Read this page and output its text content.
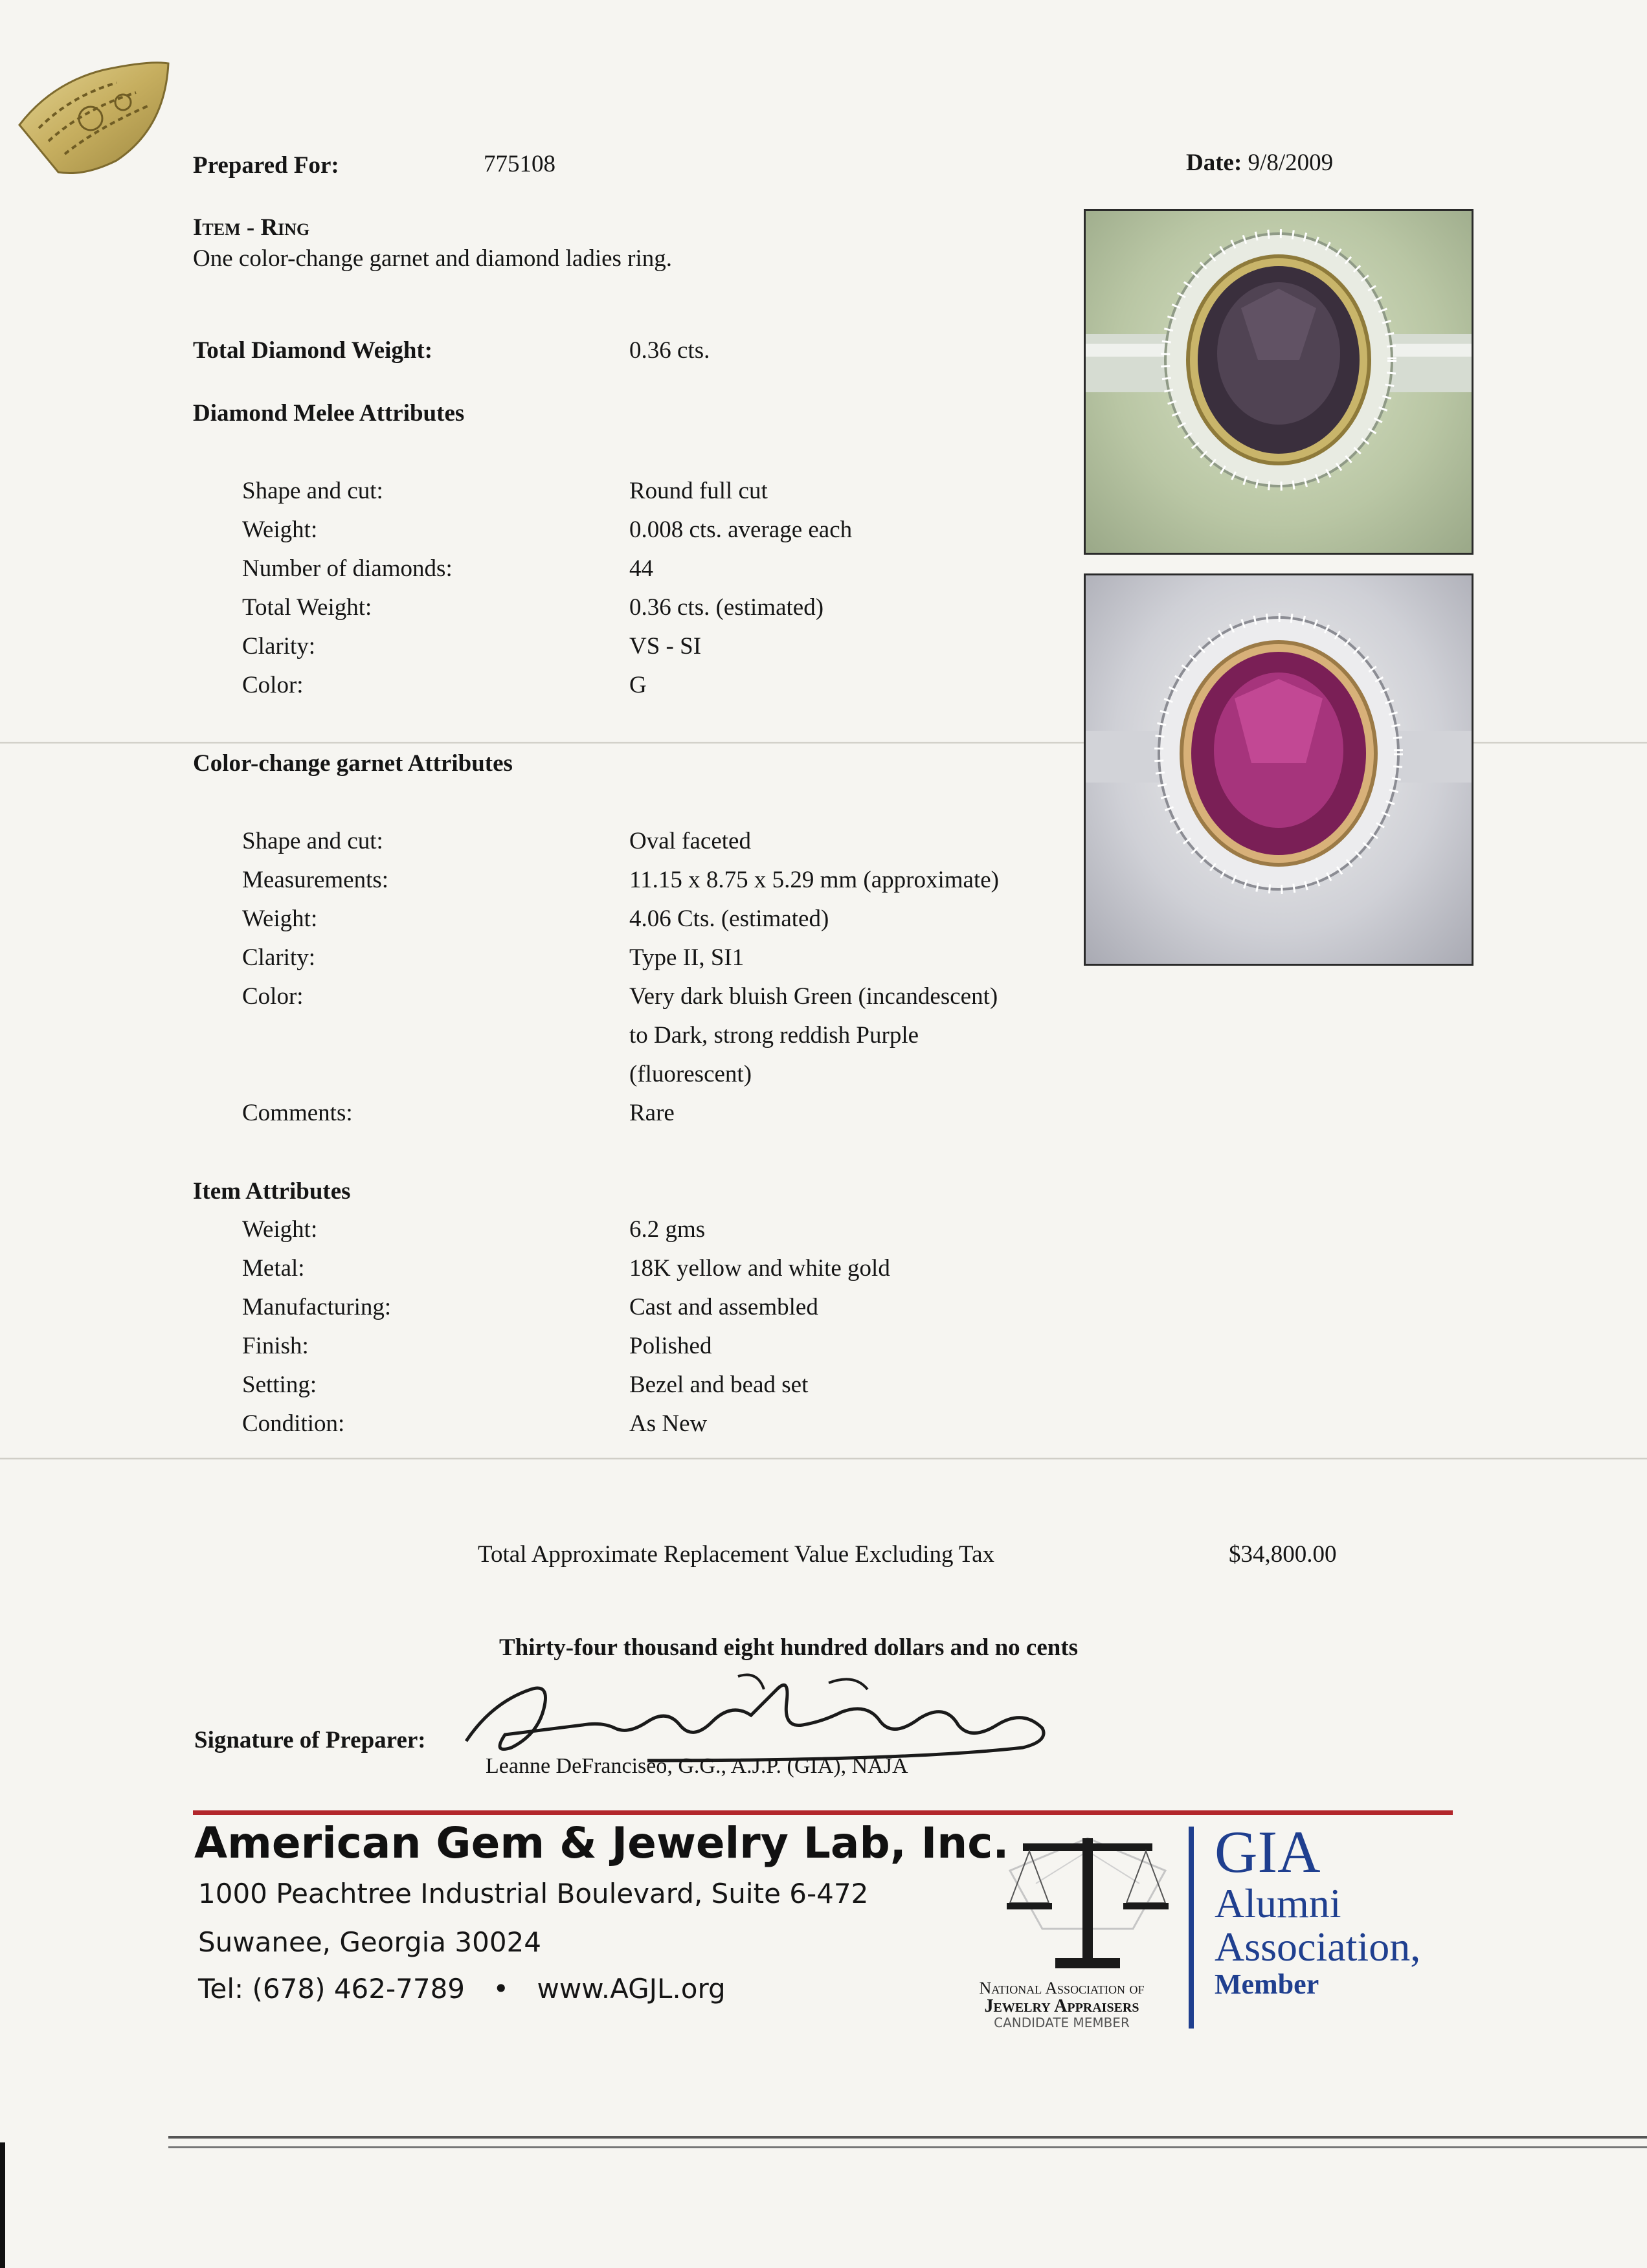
Prepared For:	775108	Date: 9/8/2009
Item - Ring
One color-change garnet and diamond ladies ring.
Total Diamond Weight:	0.36 cts.
Diamond Melee Attributes
Shape and cut:	Round full cut
Weight:	0.008 cts. average each
Number of diamonds:	44
Total Weight:	0.36 cts. (estimated)
Clarity:	VS - SI
Color:	G
Color-change garnet Attributes
Shape and cut:	Oval faceted
Measurements:	11.15 x 8.75 x 5.29 mm (approximate)
Weight:	4.06 Cts. (estimated)
Clarity:	Type II, SI1
Color:	Very dark bluish Green (incandescent)
to Dark, strong reddish Purple
(fluorescent)
Comments:	Rare
Item Attributes
Weight:	6.2 gms
Metal:	18K yellow and white gold
Manufacturing:	Cast and assembled
Finish:	Polished
Setting:	Bezel and bead set
Condition:	As New
Total Approximate Replacement Value Excluding Tax	$34,800.00
Thirty-four thousand eight hundred dollars and no cents
Signature of Preparer:
Leanne DeFranciseo, G.G., A.J.P. (GIA), NAJA
American Gem & Jewelry Lab, Inc.
1000 Peachtree Industrial Boulevard, Suite 6-472
Suwanee, Georgia 30024
Tel: (678) 462-7789 • www.AGJL.org	National Association of
Jewelry Appraisers
CANDIDATE MEMBER
GIA
Alumni
Association,
Member
